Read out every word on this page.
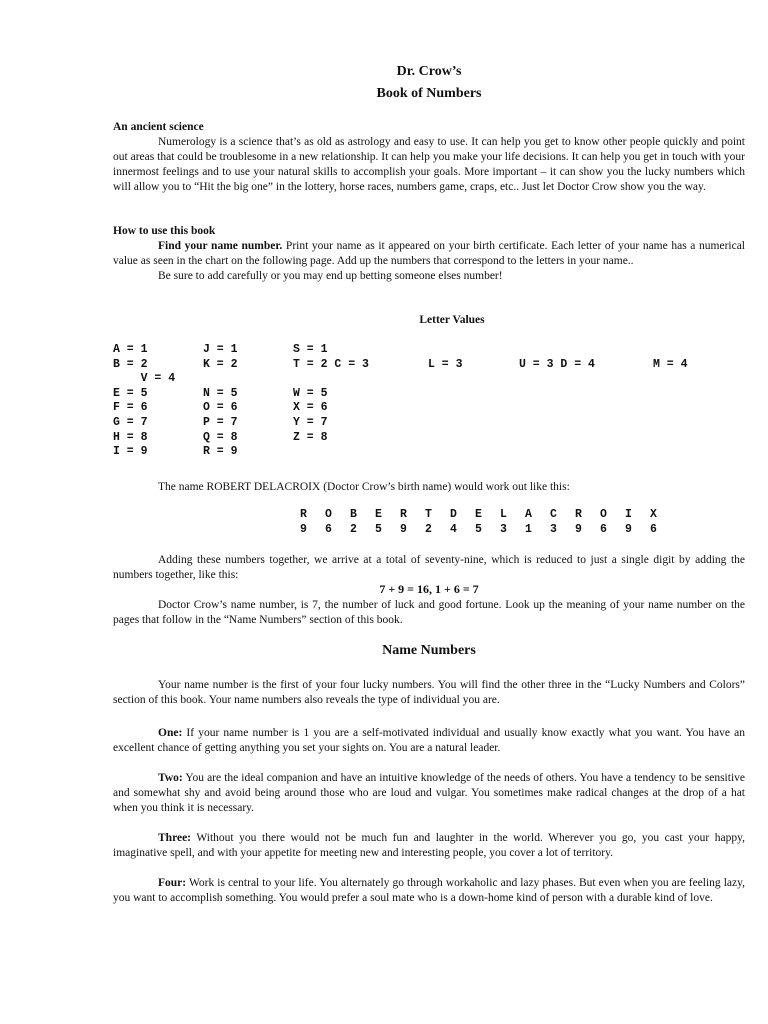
Dr. Crow’s
Book of Numbers
An ancient science
Numerology is a science that’s as old as astrology and easy to use. It can help you get to know other people quickly and point out areas that could be troublesome in a new relationship. It can help you make your life decisions. It can help you get in touch with your innermost feelings and to use your natural skills to accomplish your goals. More important – it can show you the lucky numbers which will allow you to “Hit the big one” in the lottery, horse races, numbers game, craps, etc.. Just let Doctor Crow show you the way.
How to use this book
Find your name number. Print your name as it appeared on your birth certificate. Each letter of your name has a numerical value as seen in the chart on the following page. Add up the numbers that correspond to the letters in your name..
Be sure to add carefully or you may end up betting someone elses number!
Letter Values
A = 1	J = 1	S = 1
B = 2	K = 2	T = 2 C = 3	L = 3	U = 3 D = 4	M = 4
V = 4
E = 5	N = 5	W = 5
F = 6	O = 6	X = 6
G = 7	P = 7	Y = 7
H = 8	Q = 8	Z = 8
I = 9	R = 9
The name ROBERT DELACROIX (Doctor Crow’s birth name) would work out like this:
R O B E R T D E L A C R O I X
9 6 2 5 9 2 4 5 3 1 3 9 6 9 6
Adding these numbers together, we arrive at a total of seventy-nine, which is reduced to just a single digit by adding the numbers together, like this:
7 + 9 = 16, 1 + 6 = 7
Doctor Crow’s name number, is 7, the number of luck and good fortune. Look up the meaning of your name number on the pages that follow in the “Name Numbers” section of this book.
Name Numbers
Your name number is the first of your four lucky numbers. You will find the other three in the “Lucky Numbers and Colors” section of this book. Your name numbers also reveals the type of individual you are.
One: If your name number is 1 you are a self-motivated individual and usually know exactly what you want. You have an excellent chance of getting anything you set your sights on. You are a natural leader.
Two: You are the ideal companion and have an intuitive knowledge of the needs of others. You have a tendency to be sensitive and somewhat shy and avoid being around those who are loud and vulgar. You sometimes make radical changes at the drop of a hat when you think it is necessary.
Three: Without you there would not be much fun and laughter in the world. Wherever you go, you cast your happy, imaginative spell, and with your appetite for meeting new and interesting people, you cover a lot of territory.
Four: Work is central to your life. You alternately go through workaholic and lazy phases. But even when you are feeling lazy, you want to accomplish something. You would prefer a soul mate who is a down-home kind of person with a durable kind of love.
